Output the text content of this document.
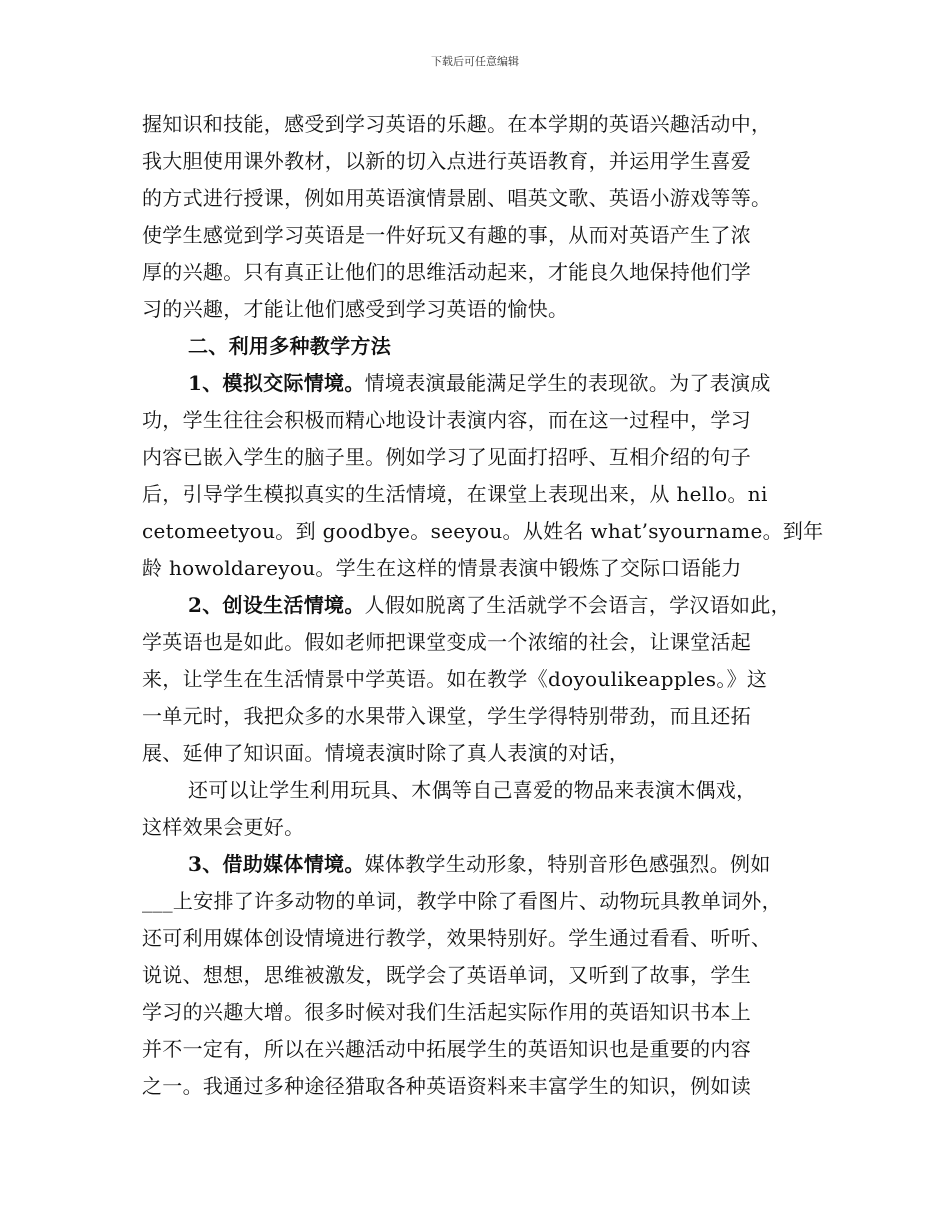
下载后可任意编辑
握知识和技能，感受到学习英语的乐趣。在本学期的英语兴趣活动中，
我大胆使用课外教材，以新的切入点进行英语教育，并运用学生喜爱
的方式进行授课，例如用英语演情景剧、唱英文歌、英语小游戏等等。
使学生感觉到学习英语是一件好玩又有趣的事，从而对英语产生了浓
厚的兴趣。只有真正让他们的思维活动起来，才能良久地保持他们学
习的兴趣，才能让他们感受到学习英语的愉快。
二、利用多种教学方法
1、模拟交际情境。情境表演最能满足学生的表现欲。为了表演成
功，学生往往会积极而精心地设计表演内容，而在这一过程中，学习
内容已嵌入学生的脑子里。例如学习了见面打招呼、互相介绍的句子
后，引导学生模拟真实的生活情境，在课堂上表现出来，从 hello。ni
cetomeetyou。到 goodbye。seeyou。从姓名 what’syourname。到年
龄 howoldareyou。学生在这样的情景表演中锻炼了交际口语能力
2、创设生活情境。人假如脱离了生活就学不会语言，学汉语如此，
学英语也是如此。假如老师把课堂变成一个浓缩的社会，让课堂活起
来，让学生在生活情景中学英语。如在教学《doyoulikeapples。》这
一单元时，我把众多的水果带入课堂，学生学得特别带劲，而且还拓
展、延伸了知识面。情境表演时除了真人表演的对话，
还可以让学生利用玩具、木偶等自己喜爱的物品来表演木偶戏，
这样效果会更好。
3、借助媒体情境。媒体教学生动形象，特别音形色感强烈。例如
___上安排了许多动物的单词，教学中除了看图片、动物玩具教单词外，
还可利用媒体创设情境进行教学，效果特别好。学生通过看看、听听、
说说、想想，思维被激发，既学会了英语单词，又听到了故事，学生
学习的兴趣大增。很多时候对我们生活起实际作用的英语知识书本上
并不一定有，所以在兴趣活动中拓展学生的英语知识也是重要的内容
之一。我通过多种途径猎取各种英语资料来丰富学生的知识，例如读
